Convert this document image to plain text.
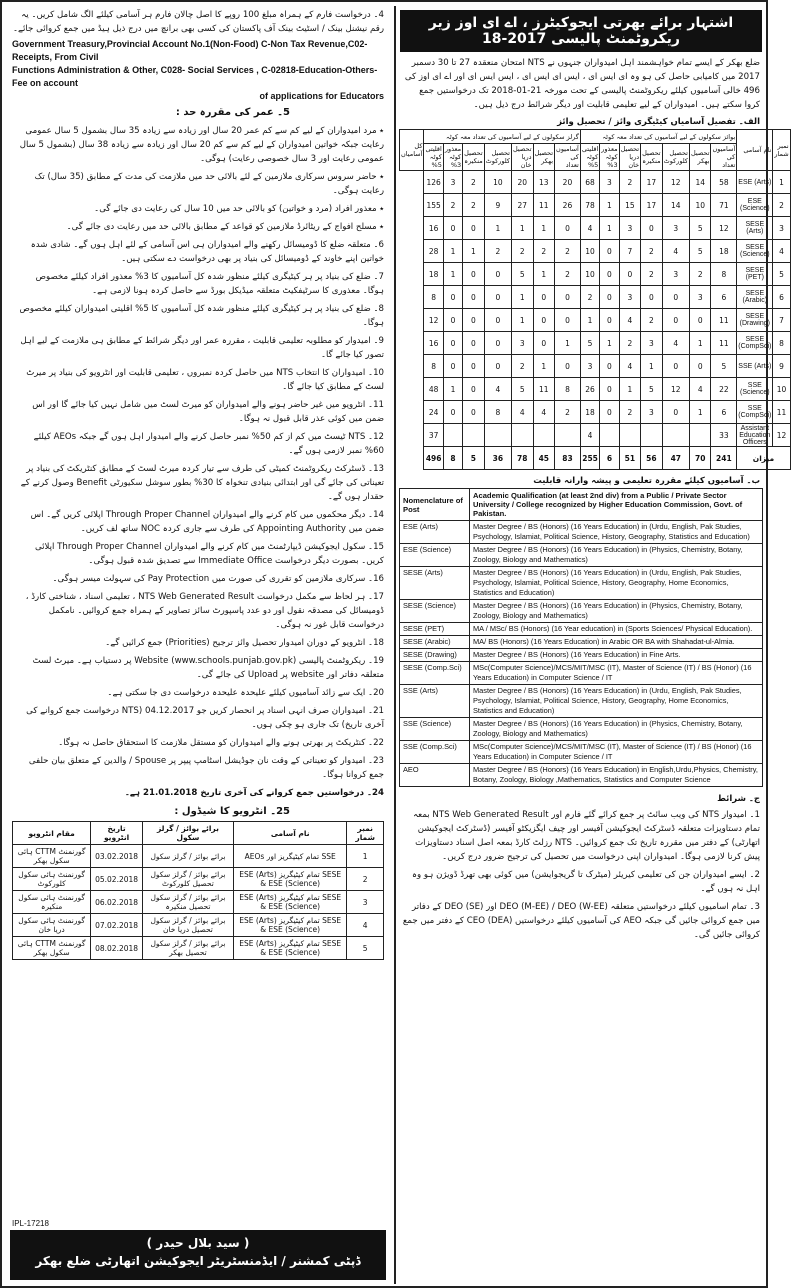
4۔ درخواست فارم کے ہمراہ مبلغ 100 روپے کا اصل چالان فارم ہر آسامی کیلئے الگ شامل کریں۔ یہ رقم نیشنل بینک / اسٹیٹ بینک آف پاکستان کی کسی بھی برانچ میں درج ذیل ہیڈ میں جمع کروائی جائے۔
Government Treasury,Provincial Account No.1(Non-Food) C-Non Tax Revenue,C02-Receipts, From Civil
Functions Administration & Other, C028- Social Services , C-02818-Education-Others-Fee on account
of applications for Educators
5۔ عمر کی مقررہ حد :
٭ مرد امیدواران کے لیے کم سے کم عمر 20 سال اور زیادہ سے زیادہ 35 سال بشمول 5 سال عمومی رعایت جبکہ خواتین امیدواران کے لیے کم سے کم 20 سال اور زیادہ سے زیادہ 38 سال (بشمول 5 سال عمومی رعایت اور 3 سال خصوصی رعایت) ہوگی۔
٭ حاضر سروس سرکاری ملازمین کے لئے بالائی حد میں ملازمت کی مدت کے مطابق (35 سال) تک رعایت ہوگی۔
٭ معذور افراد (مرد و خواتین) کو بالائی حد میں 10 سال کی رعایت دی جائے گی۔
٭ مسلح افواج کے ریٹائرڈ ملازمین کو قواعد کے مطابق بالائی حد میں رعایت دی جائے گی۔
6۔ متعلقہ ضلع کا ڈومیسائل رکھنے والے امیدواران ہی اس آسامی کے لئے اہل ہوں گے۔ شادی شدہ خواتین اپنے خاوند کے ڈومیسائل کی بنیاد پر بھی درخواست دے سکتی ہیں۔
7۔ ضلع کی بنیاد پر ہر کیٹیگری کیلئے منظور شدہ کل آسامیوں کا 3% معذور افراد کیلئے مخصوص ہوگا۔ معذوری کا سرٹیفکیٹ متعلقہ میڈیکل بورڈ سے حاصل کردہ ہونا لازمی ہے۔
8۔ ضلع کی بنیاد پر ہر کیٹیگری کیلئے منظور شدہ کل آسامیوں کا 5% اقلیتی امیدواران کیلئے مخصوص ہوگا۔
9۔ امیدوار کو مطلوبہ تعلیمی قابلیت ، مقررہ عمر اور دیگر شرائط کے مطابق ہی ملازمت کے لیے اہل تصور کیا جائے گا۔
10۔ امیدواران کا انتخاب NTS میں حاصل کردہ نمبروں ، تعلیمی قابلیت اور انٹرویو کی بنیاد پر میرٹ لسٹ کے مطابق کیا جائے گا۔
11۔ انٹرویو میں غیر حاضر ہونے والے امیدواران کو میرٹ لسٹ میں شامل نہیں کیا جائے گا اور اس ضمن میں کوئی عذر قابل قبول نہ ہوگا۔
12۔ NTS ٹیسٹ میں کم از کم 50% نمبر حاصل کرنے والے امیدوار اہل ہوں گے جبکہ AEOs کیلئے 60% نمبر لازمی ہوں گے۔
13۔ ڈسٹرکٹ ریکروٹمنٹ کمیٹی کی طرف سے تیار کردہ میرٹ لسٹ کے مطابق کنٹریکٹ کی بنیاد پر تعیناتی کی جائے گی اور ابتدائی بنیادی تنخواہ کا 30% بطور سوشل سکیورٹی Benefit وصول کرنے کے حقدار ہوں گے۔
14۔ دیگر محکموں میں کام کرنے والے امیدواران Through Proper Channel اپلائی کریں گے۔ اس ضمن میں Appointing Authority کی طرف سے جاری کردہ NOC ساتھ لف کریں۔
15۔ سکول ایجوکیشن ڈیپارٹمنٹ میں کام کرنے والے امیدواران Through Proper Channel اپلائی کریں۔ بصورت دیگر درخواست Immediate Office سے تصدیق شدہ قبول ہوگی۔
16۔ سرکاری ملازمین کو تقرری کی صورت میں Pay Protection کی سہولت میسر ہوگی۔
17۔ ہر لحاظ سے مکمل درخواست NTS Web Generated Result ، تعلیمی اسناد ، شناختی کارڈ ، ڈومیسائل کی مصدقہ نقول اور دو عدد پاسپورٹ سائز تصاویر کے ہمراہ جمع کروائیں۔ نامکمل درخواست قابل غور نہ ہوگی۔
18۔ انٹرویو کے دوران امیدوار تحصیل وائز ترجیح (Priorities) جمع کرائیں گے۔
19۔ ریکروٹمنٹ پالیسی (www.schools.punjab.gov.pk) Website پر دستیاب ہے۔ میرٹ لسٹ متعلقہ دفاتر اور website پر Upload کی جائے گی۔
20۔ ایک سے زائد آسامیوں کیلئے علیحدہ علیحدہ درخواست دی جا سکتی ہے۔
21۔ امیدواران صرف انہی اسناد پر انحصار کریں جو 04.12.2017 (NTS درخواست جمع کروانے کی آخری تاریخ) تک جاری ہو چکی ہوں۔
22۔ کنٹریکٹ پر بھرتی ہونے والے امیدواران کو مستقل ملازمت کا استحقاق حاصل نہ ہوگا۔
23۔ امیدوار کو تعیناتی کے وقت نان جوڈیشل اسٹامپ پیپر پر Spouse / والدین کے متعلق بیان حلفی جمع کروانا ہوگا۔
24۔ درخواستیں جمع کروانے کی آخری تاریخ 21.01.2018 ہے۔
25۔ انٹرویو کا شیڈول :
نمبر شمار	نام آسامی	برائے بوائز / گرلز سکول	تاریخ انٹرویو	مقام انٹرویو
1	SSE تمام کیٹیگریز اور AEOs	برائے بوائز / گرلز سکول	03.02.2018	گورنمنٹ CTTM ہائی سکول بھکر
2	SESE تمام کیٹیگریز ESE (Arts) & ESE (Science)	برائے بوائز / گرلز سکول تحصیل کلورکوٹ	05.02.2018	گورنمنٹ ہائی سکول کلورکوٹ
3	SESE تمام کیٹیگریز ESE (Arts) & ESE (Science)	برائے بوائز / گرلز سکول تحصیل منکیرہ	06.02.2018	گورنمنٹ ہائی سکول منکیرہ
4	SESE تمام کیٹیگریز ESE (Arts) & ESE (Science)	برائے بوائز / گرلز سکول تحصیل دریا خان	07.02.2018	گورنمنٹ ہائی سکول دریا خان
5	SESE تمام کیٹیگریز ESE (Arts) & ESE (Science)	برائے بوائز / گرلز سکول تحصیل بھکر	08.02.2018	گورنمنٹ CTTM ہائی سکول بھکر
IPL-17218
( سید بلال حیدر )
ڈپٹی کمشنر / ایڈمنسٹریٹر ایجوکیشن اتھارٹی ضلع بھکر
اشتہار برائے بھرتی ایجوکیٹرز ، اے ای اوز زیر ریکروٹمنٹ پالیسی 2017-18
ضلع بھکر کے ایسے تمام خواہشمند اہل امیدواران جنہوں نے NTS امتحان منعقدہ 27 تا 30 دسمبر 2017 میں کامیابی حاصل کی ہو وہ ای ایس ای ، ایس ای ایس ای ، ایس ایس ای اور اے ای اوز کی 496 خالی آسامیوں کیلئے ریکروٹمنٹ پالیسی کے تحت مورخہ 21-01-2018 تک درخواستیں جمع کروا سکتے ہیں۔ امیدواران کے لیے تعلیمی قابلیت اور دیگر شرائط درج ذیل ہیں۔
الف۔ تفصیل آسامیاں کیٹیگری وائز / تحصیل وائز
نمبر شمار	نام آسامی	بوائز سکولوں کے لیے آسامیوں کی تعداد معہ کوٹہ							گرلز سکولوں کے لیے آسامیوں کی تعداد معہ کوٹہ							کل آسامیاں
		آسامیوں کی تعداد	تحصیل بھکر	تحصیل کلورکوٹ	تحصیل منکیرہ	تحصیل دریا خان	معذور کوٹہ 3%	اقلیتی کوٹہ 5%	آسامیوں کی تعداد	تحصیل بھکر	تحصیل دریا خان	تحصیل کلورکوٹ	تحصیل منکیرہ	معذور کوٹہ 3%	اقلیتی کوٹہ 5%	
1	ESE (Arts)	58	14	12	17	2	3	68	20	13	20	10	2	3	126	
2	ESE (Science)	71	10	14	17	15	1	78	26	11	27	9	2	2	155	
3	SESE (Arts)	12	5	3	0	3	1	4	0	1	1	1	0	0	16	
4	SESE (Science)	18	5	4	2	7	0	10	2	2	2	2	1	1	28	
5	SESE (PET)	8	2	3	2	0	0	10	2	1	5	0	0	1	18	
6	SESE (Arabic)	6	3	0	0	3	0	2	0	0	1	0	0	0	8	
7	SESE (Drawing)	11	0	0	2	4	0	1	0	0	1	0	0	0	12	
8	SESE (CompSci)	11	1	4	3	2	1	5	1	0	3	0	0	0	16	
9	SSE (Arts)	5	0	0	1	4	0	3	0	1	2	0	0	0	8	
10	SSE (Science)	22	4	12	5	1	0	26	8	11	5	4	0	1	48	
11	SSE (CompSci)	6	1	0	3	2	0	18	2	4	4	8	0	0	24	
12	Assistant Education Officers	33						4							37	
میزان		241	70	47	56	51	6	255	83	45	78	36	5	8	496	
ب۔ آسامیوں کیلئے مقررہ تعلیمی و پیشہ وارانہ قابلیت
Nomenclature of Post	Academic Qualification (at least 2nd div) from a Public / Private Sector University / College recognized by Higher Education Commission, Govt. of Pakistan.
ESE (Arts)	Master Degree / BS (Honors) (16 Years Education) in (Urdu, English, Pak Studies, Psychology, Islamiat, Political Science, History, Geography, Statistics and Education)
ESE (Science)	Master Degree / BS (Honors) (16 Years Education) in (Physics, Chemistry, Botany, Zoology, Biology and Mathematics)
SESE (Arts)	Master Degree / BS (Honors) (16 Years Education) in (Urdu, English, Pak Studies, Psychology, Islamiat, Political Science, History, Geography, Home Economics, Statistics and Education)
SESE (Science)	Master Degree / BS (Honors) (16 Years Education) in (Physics, Chemistry, Botany, Zoology, Biology and Mathematics)
SESE (PET)	MA / MSc/ BS (Honors) (16 Year education) in (Sports Sciences/ Physical Education).
SESE (Arabic)	MA/ BS (Honors) (16 Years Education) in Arabic OR BA with Shahadat-ul-Almia.
SESE (Drawing)	Master Degree / BS (Honors) (16 Years Education) in Fine Arts.
SESE (Comp.Sci)	MSc(Computer Science)/MCS/MIT/MSC (IT), Master of Science (IT) / BS (Honor) (16 Years Education) in Computer Science / IT
SSE (Arts)	Master Degree / BS (Honors) (16 Years Education) in (Urdu, English, Pak Studies, Psychology, Islamiat, Political Science, History, Geography, Home Economics, Statistics and Education)
SSE (Science)	Master Degree / BS (Honors) (16 Years Education) in (Physics, Chemistry, Botany, Zoology, Biology and Mathematics)
SSE (Comp.Sci)	MSc(Computer Science)/MCS/MIT/MSC (IT), Master of Science (IT) / BS (Honor) (16 Years Education) in Computer Science / IT
AEO	Master Degree / BS (Honors) (16 Years Education) in English,Urdu,Physics, Chemistry, Botany, Zoology, Biology ,Mathematics, Statistics and Computer Science
ج۔ شرائط
1۔ امیدوار NTS کی ویب سائٹ پر جمع کرائے گئے فارم اور NTS Web Generated Result بمعہ تمام دستاویزات متعلقہ ڈسٹرکٹ ایجوکیشن آفیسر اور چیف ایگزیکٹو آفیسر (ڈسٹرکٹ ایجوکیشن اتھارٹی) کے دفتر میں مقررہ تاریخ تک جمع کروائیں۔ NTS رزلٹ کارڈ بمعہ اصل اسناد دستاویزات پیش کرنا لازمی ہوگا۔ امیدواران اپنی درخواست میں تحصیل کی ترجیح ضرور درج کریں۔
2۔ ایسے امیدواران جن کی تعلیمی کیریئر (میٹرک تا گریجوایشن) میں کوئی بھی تھرڈ ڈویژن ہو وہ اہل نہ ہوں گے۔
3۔ تمام اسامیوں کیلئے درخواستیں متعلقہ DEO (M-EE) / DEO (W-EE) اور DEO (SE) کے دفاتر میں جمع کروائی جائیں گی جبکہ AEO کی آسامیوں کیلئے درخواستیں CEO (DEA) کے دفتر میں جمع کروائی جائیں گی۔
